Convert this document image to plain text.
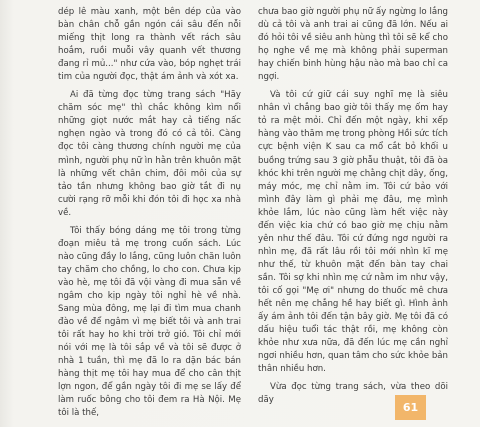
dép lê màu xanh, một bên dép của vào bàn chân chỗ gần ngón cái sâu đến nỗi miếng thịt long ra thành vết rách sâu hoắm, ruồi muỗi vây quanh vết thương đang rỉ mủ..." như cứa vào, bóp nghẹt trái tim của người đọc, thật ám ảnh và xót xa.

Ai đã từng đọc từng trang sách "Hãy chăm sóc mẹ" thì chắc không kìm nổi những giọt nước mắt hay cả tiếng nấc nghẹn ngào và trong đó có cả tôi. Càng đọc tôi càng thương chính người mẹ của mình, người phụ nữ ìn hằn trên khuôn mặt là những vết chân chim, đôi môi của sự tảo tần nhưng không bao giờ tắt đi nụ cười rạng rỡ mỗi khi đón tôi đi học xa nhà về.

Tôi thấy bóng dáng mẹ tôi trong từng đoạn miêu tả mẹ trong cuốn sách. Lúc nào cũng đầy lo lắng, cũng luôn chăn luôn tay chăm cho chồng, lo cho con. Chưa kịp vào hè, mẹ tôi đã vội vàng đi mua sẵn về ngâm cho kịp ngày tôi nghỉ hè về nhà. Sang mùa đông, mẹ lại đi tìm mua chanh đào về để ngâm vì mẹ biết tôi và anh trai tôi rất hay ho khi trời trở gió. Tôi chỉ mới nói với mẹ là tôi sắp về và tôi sẽ được ở nhà 1 tuần, thì mẹ đã lo ra dặn bác bán hàng thịt mẹ tôi hay mua để cho cân thịt lợn ngon, để gần ngày tôi đi mẹ se lấy để làm ruốc bông cho tôi đem ra Hà Nội. Mẹ tôi là thế,

chưa bao giờ người phụ nữ ấy ngừng lo lắng dù cả tôi và anh trai ai cũng đã lớn. Nếu ai đó hỏi tôi về siêu anh hùng thì tôi sẽ kể cho họ nghe về mẹ mà không phải superman hay chiến binh hùng hậu nào mà bao chỉ ca ngợi.

Và tôi cứ giữ cái suy nghĩ mẹ là siêu nhân vì chẳng bao giờ tôi thấy mẹ ốm hay tỏ ra mệt mỏi. Chỉ đến một ngày, khi xếp hàng vào thăm mẹ trong phòng Hồi sức tích cực bệnh viện K sau ca mổ cắt bỏ khối u buồng trứng sau 3 giờ phẫu thuật, tôi đã òa khóc khi trên người mẹ chằng chịt dây, ống, máy móc, mẹ chỉ nằm im. Tôi cứ bảo với mình đây làm gì phải mẹ đâu, mẹ mình khỏe lắm, lúc nào cũng làm hết việc này đến việc kia chứ có bao giờ mẹ chịu nằm yên như thế đâu. Tôi cứ đứng ngơ người ra nhìn mẹ, đã rất lâu rồi tôi mới nhìn kĩ mẹ như thế, từ khuôn mặt đến bàn tay chai sần. Tôi sợ khi nhìn mẹ cứ nằm im như vậy, tôi cố gọi "Mẹ ơi" nhưng do thuốc mê chưa hết nên mẹ chẳng hề hay biết gì. Hình ảnh ấy ám ảnh tôi đến tận bây giờ. Mẹ tôi đã có dấu hiệu tuổi tác thật rồi, mẹ không còn khỏe như xưa nữa, đã đến lúc mẹ cần nghỉ ngơi nhiều hơn, quan tâm cho sức khỏe bản thân nhiều hơn.

Vừa đọc từng trang sách, vừa theo dõi dãy

61
